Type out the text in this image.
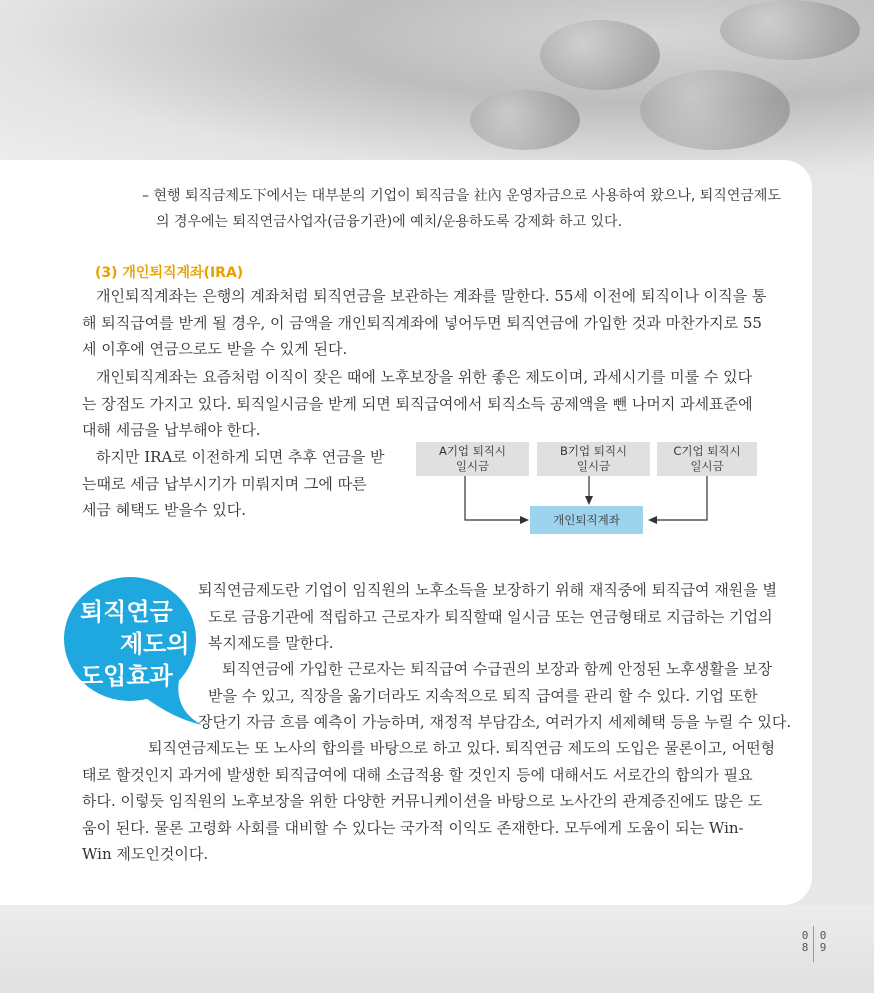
– 현행 퇴직금제도下에서는 대부분의 기업이 퇴직금을 社內 운영자금으로 사용하여 왔으나, 퇴직연금제도
의 경우에는 퇴직연금사업자(금융기관)에 예치/운용하도록 강제화 하고 있다.
(3) 개인퇴직계좌(IRA)
개인퇴직계좌는 은행의 계좌처럼 퇴직연금을 보관하는 계좌를 말한다. 55세 이전에 퇴직이나 이직을 통
해 퇴직급여를 받게 될 경우, 이 금액을 개인퇴직계좌에 넣어두면 퇴직연금에 가입한 것과 마찬가지로 55
세 이후에 연금으로도 받을 수 있게 된다.
개인퇴직계좌는 요즘처럼 이직이 잦은 때에 노후보장을 위한 좋은 제도이며, 과세시기를 미룰 수 있다
는 장점도 가지고 있다. 퇴직일시금을 받게 되면 퇴직급여에서 퇴직소득 공제액을 뺀 나머지 과세표준에
대해 세금을 납부해야 한다.
하지만 IRA로 이전하게 되면 추후 연금을 받
는때로 세금 납부시기가 미뤄지며 그에 따른
세금 혜택도 받을수 있다.
A기업 퇴직시
일시금
B기업 퇴직시
일시금
C기업 퇴직시
일시금
개인퇴직계좌
퇴직연금
제도의
도입효과
퇴직연금제도란 기업이 임직원의 노후소득을 보장하기 위해 재직중에 퇴직급여 재원을 별
도로 금융기관에 적립하고 근로자가 퇴직할때 일시금 또는 연금형태로 지급하는 기업의
복지제도를 말한다.
퇴직연금에 가입한 근로자는 퇴직급여 수급권의 보장과 함께 안정된 노후생활을 보장
받을 수 있고, 직장을 옮기더라도 지속적으로 퇴직 급여를 관리 할 수 있다. 기업 또한
장단기 자금 흐름 예측이 가능하며, 재정적 부담감소, 여러가지 세제혜택 등을 누릴 수 있다.
퇴직연금제도는 또 노사의 합의를 바탕으로 하고 있다. 퇴직연금 제도의 도입은 물론이고, 어떤형
태로 할것인지 과거에 발생한 퇴직급여에 대해 소급적용 할 것인지 등에 대해서도 서로간의 합의가 필요
하다. 이렇듯 임직원의 노후보장을 위한 다양한 커뮤니케이션을 바탕으로 노사간의 관계증진에도 많은 도
움이 된다. 물론 고령화 사회를 대비할 수 있다는 국가적 이익도 존재한다. 모두에게 도움이 되는 Win-
Win 제도인것이다.
0
8
0
9
